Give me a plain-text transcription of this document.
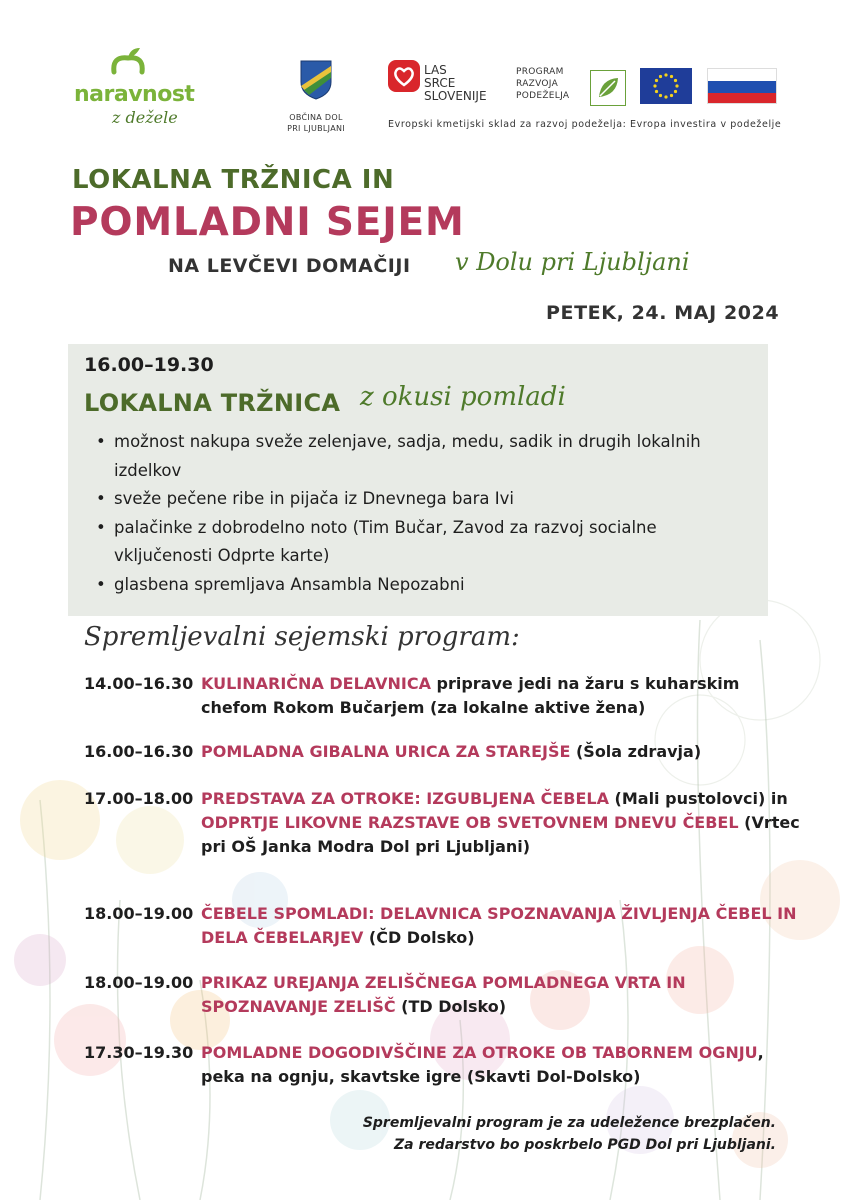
naravnost
z dežele	OBČINA DOL
PRI LJUBLJANI
LAS
SRCE
SLOVENIJE
PROGRAM
RAZVOJA
PODEŽELJA
Evropski kmetijski sklad za razvoj podeželja: Evropa investira v podeželje
LOKALNA TRŽNICA IN
POMLADNI SEJEM
NA LEVČEVI DOMAČIJI v Dolu pri Ljubljani
PETEK, 24. MAJ 2024
16.00–19.30
LOKALNA TRŽNICA z okusi pomladi
• možnost nakupa sveže zelenjave, sadja, medu, sadik in drugih lokalnih izdelkov
• sveže pečene ribe in pijača iz Dnevnega bara Ivi
• palačinke z dobrodelno noto (Tim Bučar, Zavod za razvoj socialne vključenosti Odprte karte)
• glasbena spremljava Ansambla Nepozabni
Spremljevalni sejemski program:
14.00–16.30 KULINARIČNA DELAVNICA priprave jedi na žaru s kuharskim chefom Rokom Bučarjem (za lokalne aktive žena)
16.00–16.30 POMLADNA GIBALNA URICA ZA STAREJŠE (Šola zdravja)
17.00–18.00 PREDSTAVA ZA OTROKE: IZGUBLJENA ČEBELA (Mali pustolovci) in ODPRTJE LIKOVNE RAZSTAVE OB SVETOVNEM DNEVU ČEBEL (Vrtec pri OŠ Janka Modra Dol pri Ljubljani)
18.00–19.00 ČEBELE SPOMLADI: DELAVNICA SPOZNAVANJA ŽIVLJENJA ČEBEL IN DELA ČEBELARJEV (ČD Dolsko)
18.00–19.00 PRIKAZ UREJANJA ZELIŠČNEGA POMLADNEGA VRTA IN SPOZNAVANJE ZELIŠČ (TD Dolsko)
17.30–19.30 POMLADNE DOGODIVŠČINE ZA OTROKE OB TABORNEM OGNJU, peka na ognju, skavtske igre (Skavti Dol-Dolsko)
Spremljevalni program je za udeležence brezplačen.
Za redarstvo bo poskrbelo PGD Dol pri Ljubljani.
